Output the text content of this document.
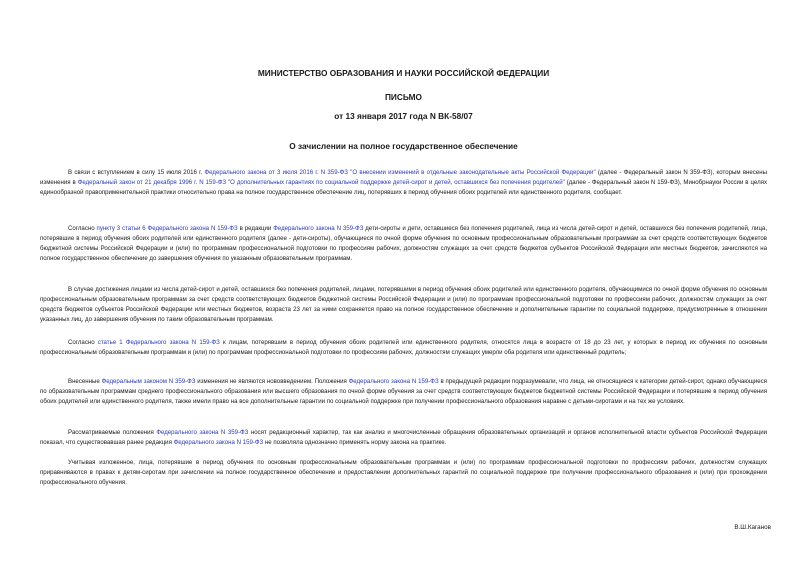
МИНИСТЕРСТВО ОБРАЗОВАНИЯ И НАУКИ РОССИЙСКОЙ ФЕДЕРАЦИИ
ПИСЬМО
от 13 января 2017 года N ВК-58/07
О зачислении на полное государственное обеспечение
В связи с вступлением в силу 15 июля 2016 г. Федерального закона от 3 июля 2016 г. N 359-ФЗ "О внесении изменений в отдельные законодательные акты Российской Федерации" (далее - Федеральный закон N 359-ФЗ), которым внесены изменения в Федеральный закон от 21 декабря 1996 г. N 159-ФЗ "О дополнительных гарантиях по социальной поддержке детей-сирот и детей, оставшихся без попечения родителей" (далее - Федеральный закон N 159-ФЗ), Минобрнауки России в целях единообразной правоприменительной практики относительно права на полное государственное обеспечение лиц, потерявших в период обучения обоих родителей или единственного родителя, сообщает.
Согласно пункту 3 статьи 6 Федерального закона N 159-ФЗ в редакции Федерального закона N 359-ФЗ дети-сироты и дети, оставшиеся без попечения родителей, лица из числа детей-сирот и детей, оставшихся без попечения родителей, лица, потерявшие в период обучения обоих родителей или единственного родителя (далее - дети-сироты), обучающиеся по очной форме обучения по основным профессиональным образовательным программам за счет средств соответствующих бюджетов бюджетной системы Российской Федерации и (или) по программам профессиональной подготовки по профессиям рабочих, должностям служащих за счет средств бюджетов субъектов Российской Федерации или местных бюджетов, зачисляются на полное государственное обеспечение до завершения обучения по указанным образовательным программам.
В случае достижения лицами из числа детей-сирот и детей, оставшихся без попечения родителей, лицами, потерявшими в период обучения обоих родителей или единственного родителя, обучающимися по очной форме обучения по основным профессиональным образовательным программам за счет средств соответствующих бюджетов бюджетной системы Российской Федерации и (или) по программам профессиональной подготовки по профессиям рабочих, должностям служащих за счет средств бюджетов субъектов Российской Федерации или местных бюджетов, возраста 23 лет за ними сохраняется право на полное государственное обеспечение и дополнительные гарантии по социальной поддержке, предусмотренные в отношении указанных лиц, до завершения обучения по таким образовательным программам.
Согласно статье 1 Федерального закона N 159-ФЗ к лицам, потерявшим в период обучения обоих родителей или единственного родителя, относятся лица в возрасте от 18 до 23 лет, у которых в период их обучения по основным профессиональным образовательным программам и (или) по программам профессиональной подготовки по профессиям рабочих, должностям служащих умерли оба родителя или единственный родитель;
Внесенные Федеральным законом N 359-ФЗ изменения не являются нововведением. Положения Федерального закона N 159-ФЗ в предыдущей редакции подразумевали, что лица, не относящиеся к категории детей-сирот, однако обучающиеся по образовательным программам среднего профессионального образования или высшего образования по очной форме обучения за счет средств соответствующих бюджетов бюджетной системы Российской Федерации и потерявшие в период обучения обоих родителей или единственного родителя, также имели право на все дополнительные гарантии по социальной поддержке при получении профессионального образования наравне с детьми-сиротами и на тех же условиях.
Рассматриваемые положения Федерального закона N 359-ФЗ носят редакционный характер, так как анализ и многочисленные обращения образовательных организаций и органов исполнительной власти субъектов Российской Федерации показал, что существовавшая ранее редакция Федерального закона N 159-ФЗ не позволяла однозначно применять норму закона на практике.
Учитывая изложенное, лица, потерявшие в период обучения по основным профессиональным образовательным программам и (или) по программам профессиональной подготовки по профессиям рабочих, должностям служащих приравниваются в правах к детям-сиротам при зачислении на полное государственное обеспечение и предоставлении дополнительных гарантий по социальной поддержке при получении профессионального образования и (или) при прохождении профессионального обучения.
В.Ш.Каганов
